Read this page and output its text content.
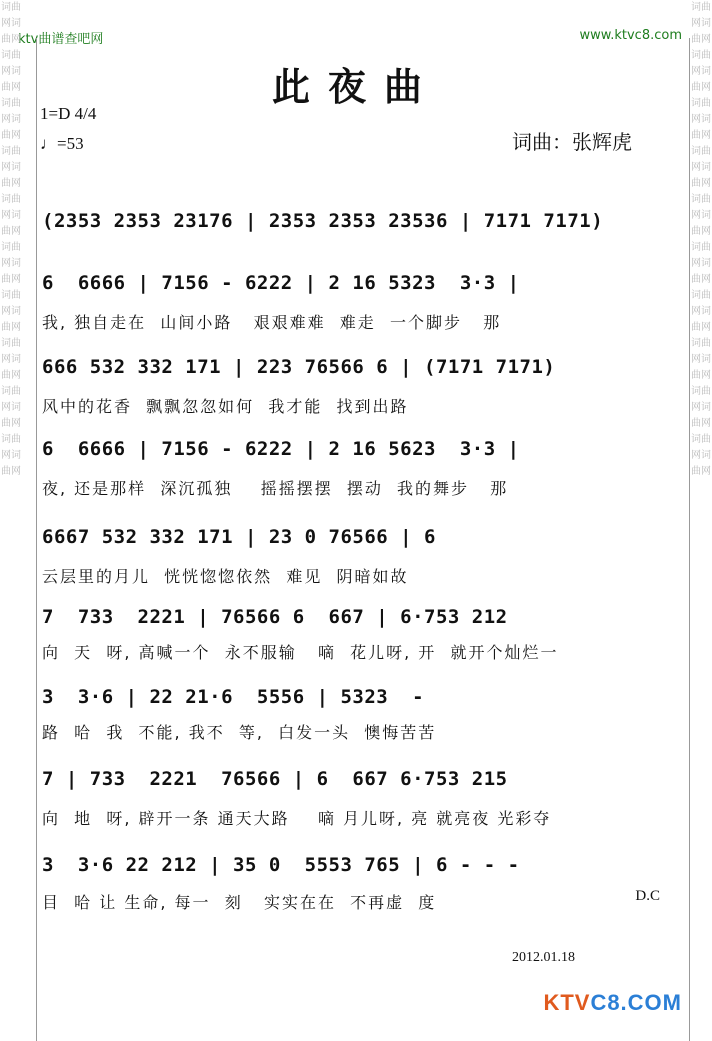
ktv曲谱查吧网	www.ktvc8.com
词曲网词曲网词曲网词曲网词曲网词曲网词曲网词曲网词曲网词曲网词曲网词曲网词曲网词曲网词曲网词曲网词曲网词曲网词曲网词曲网
词曲网词曲网词曲网词曲网词曲网词曲网词曲网词曲网词曲网词曲网词曲网词曲网词曲网词曲网词曲网词曲网词曲网词曲网词曲网词曲网
此夜曲
1=D 4/4
♩=53	词曲：张辉虎
(2353 2353 23176 | 2353 2353 23536 | 7171 7171)
6  6666 | 7156 - 6222 | 2 16 5323  3·3 |
我, 独自走在  山间小路   艰艰难难  难走  一个脚步   那
666 532 332 171 | 223 76566 6 | (7171 7171)
风中的花香  飘飘忽忽如何  我才能  找到出路
6  6666 | 7156 - 6222 | 2 16 5623  3·3 |
夜, 还是那样  深沉孤独    摇摇摆摆  摆动  我的舞步   那
6667 532 332 171 | 23 0 76566 | 6
云层里的月儿  恍恍惚惚依然  难见  阴暗如故
7  733  2221 | 76566 6  667 | 6·753 212
向  天  呀, 高喊一个  永不服输   嘀  花儿呀, 开  就开个灿烂一
3  3·6 | 22 21·6  5556 | 5323  -
路  哈  我  不能, 我不  等,  白发一头  懊悔苦苦
7 | 733  2221  76566 | 6  667 6·753 215
向  地  呀, 辟开一条 通天大路    嘀 月儿呀, 亮 就亮夜 光彩夺
3  3·6 22 212 | 35 0  5553 765 | 6 - - -
目  哈 让 生命, 每一  刻   实实在在  不再虚  度	D.C
2012.01.18
KTVC8.COM
